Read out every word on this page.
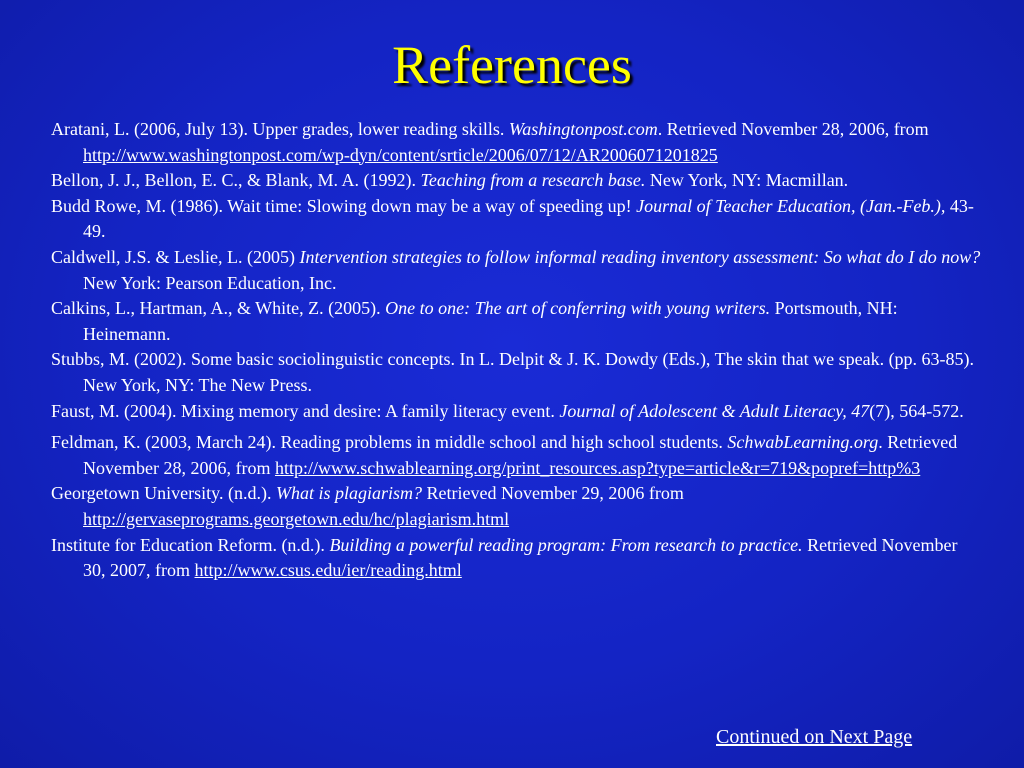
References
Aratani, L. (2006, July 13). Upper grades, lower reading skills. Washingtonpost.com. Retrieved November 28, 2006, from http://www.washingtonpost.com/wp-dyn/content/srticle/2006/07/12/AR2006071201825
Bellon, J. J., Bellon, E. C., & Blank, M. A. (1992). Teaching from a research base. New York, NY: Macmillan.
Budd Rowe, M. (1986). Wait time: Slowing down may be a way of speeding up! Journal of Teacher Education, (Jan.-Feb.), 43-49.
Caldwell, J.S. & Leslie, L. (2005) Intervention strategies to follow informal reading inventory assessment: So what do I do now? New York: Pearson Education, Inc.
Calkins, L., Hartman, A., & White, Z. (2005). One to one: The art of conferring with young writers. Portsmouth, NH: Heinemann.
Stubbs, M. (2002). Some basic sociolinguistic concepts. In L. Delpit & J. K. Dowdy (Eds.), The skin that we speak. (pp. 63-85). New York, NY: The New Press.
Faust, M. (2004). Mixing memory and desire: A family literacy event. Journal of Adolescent & Adult Literacy, 47(7), 564-572.
Feldman, K. (2003, March 24). Reading problems in middle school and high school students. SchwabLearning.org. Retrieved November 28, 2006, from http://www.schwablearning.org/print_resources.asp?type=article&r=719&popref=http%3
Georgetown University. (n.d.). What is plagiarism? Retrieved November 29, 2006 from http://gervaseprograms.georgetown.edu/hc/plagiarism.html
Institute for Education Reform. (n.d.). Building a powerful reading program: From research to practice. Retrieved November 30, 2007, from http://www.csus.edu/ier/reading.html

Continued on Next Page
